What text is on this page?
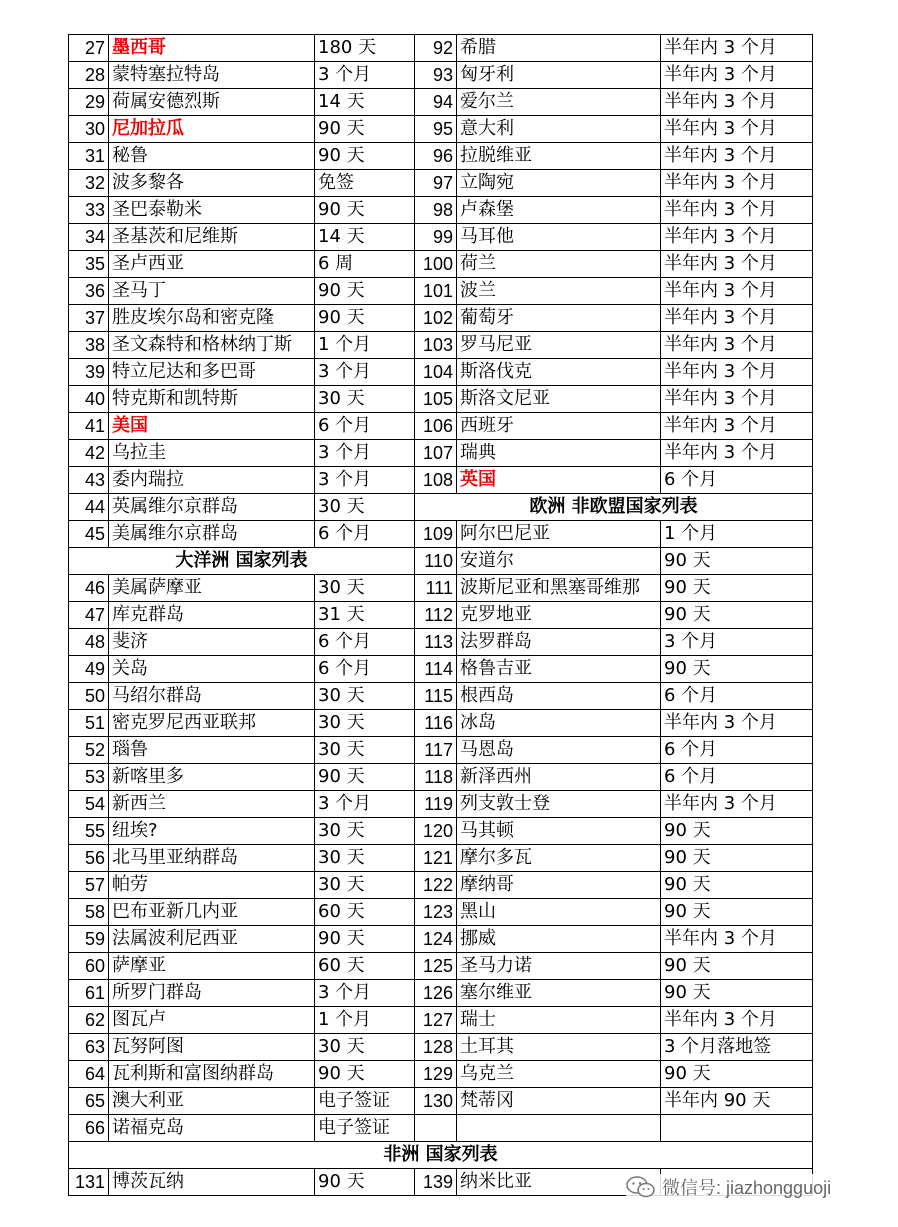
27	墨西哥	180 天	92	希腊	半年内 3 个月
28	蒙特塞拉特岛	3 个月	93	匈牙利	半年内 3 个月
29	荷属安德烈斯	14 天	94	爱尔兰	半年内 3 个月
30	尼加拉瓜	90 天	95	意大利	半年内 3 个月
31	秘鲁	90 天	96	拉脱维亚	半年内 3 个月
32	波多黎各	免签	97	立陶宛	半年内 3 个月
33	圣巴泰勒米	90 天	98	卢森堡	半年内 3 个月
34	圣基茨和尼维斯	14 天	99	马耳他	半年内 3 个月
35	圣卢西亚	6 周	100	荷兰	半年内 3 个月
36	圣马丁	90 天	101	波兰	半年内 3 个月
37	胜皮埃尔岛和密克隆	90 天	102	葡萄牙	半年内 3 个月
38	圣文森特和格林纳丁斯	1 个月	103	罗马尼亚	半年内 3 个月
39	特立尼达和多巴哥	3 个月	104	斯洛伐克	半年内 3 个月
40	特克斯和凯特斯	30 天	105	斯洛文尼亚	半年内 3 个月
41	美国	6 个月	106	西班牙	半年内 3 个月
42	乌拉圭	3 个月	107	瑞典	半年内 3 个月
43	委内瑞拉	3 个月	108	英国	6 个月
44	英属维尔京群岛	30 天	欧洲 非欧盟国家列表		
45	美属维尔京群岛	6 个月	109	阿尔巴尼亚	1 个月
大洋洲 国家列表			110	安道尔	90 天
46	美属萨摩亚	30 天	111	波斯尼亚和黑塞哥维那	90 天
47	库克群岛	31 天	112	克罗地亚	90 天
48	斐济	6 个月	113	法罗群岛	3 个月
49	关岛	6 个月	114	格鲁吉亚	90 天
50	马绍尔群岛	30 天	115	根西岛	6 个月
51	密克罗尼西亚联邦	30 天	116	冰岛	半年内 3 个月
52	瑙鲁	30 天	117	马恩岛	6 个月
53	新喀里多	90 天	118	新泽西州	6 个月
54	新西兰	3 个月	119	列支敦士登	半年内 3 个月
55	纽埃?	30 天	120	马其顿	90 天
56	北马里亚纳群岛	30 天	121	摩尔多瓦	90 天
57	帕劳	30 天	122	摩纳哥	90 天
58	巴布亚新几内亚	60 天	123	黑山	90 天
59	法属波利尼西亚	90 天	124	挪威	半年内 3 个月
60	萨摩亚	60 天	125	圣马力诺	90 天
61	所罗门群岛	3 个月	126	塞尔维亚	90 天
62	图瓦卢	1 个月	127	瑞士	半年内 3 个月
63	瓦努阿图	30 天	128	土耳其	3 个月落地签
64	瓦利斯和富图纳群岛	90 天	129	乌克兰	90 天
65	澳大利亚	电子签证	130	梵蒂冈	半年内 90 天
66	诺福克岛	电子签证			
非洲 国家列表					
131	博茨瓦纳	90 天	139	纳米比亚		微信号: jiazhongguoji
